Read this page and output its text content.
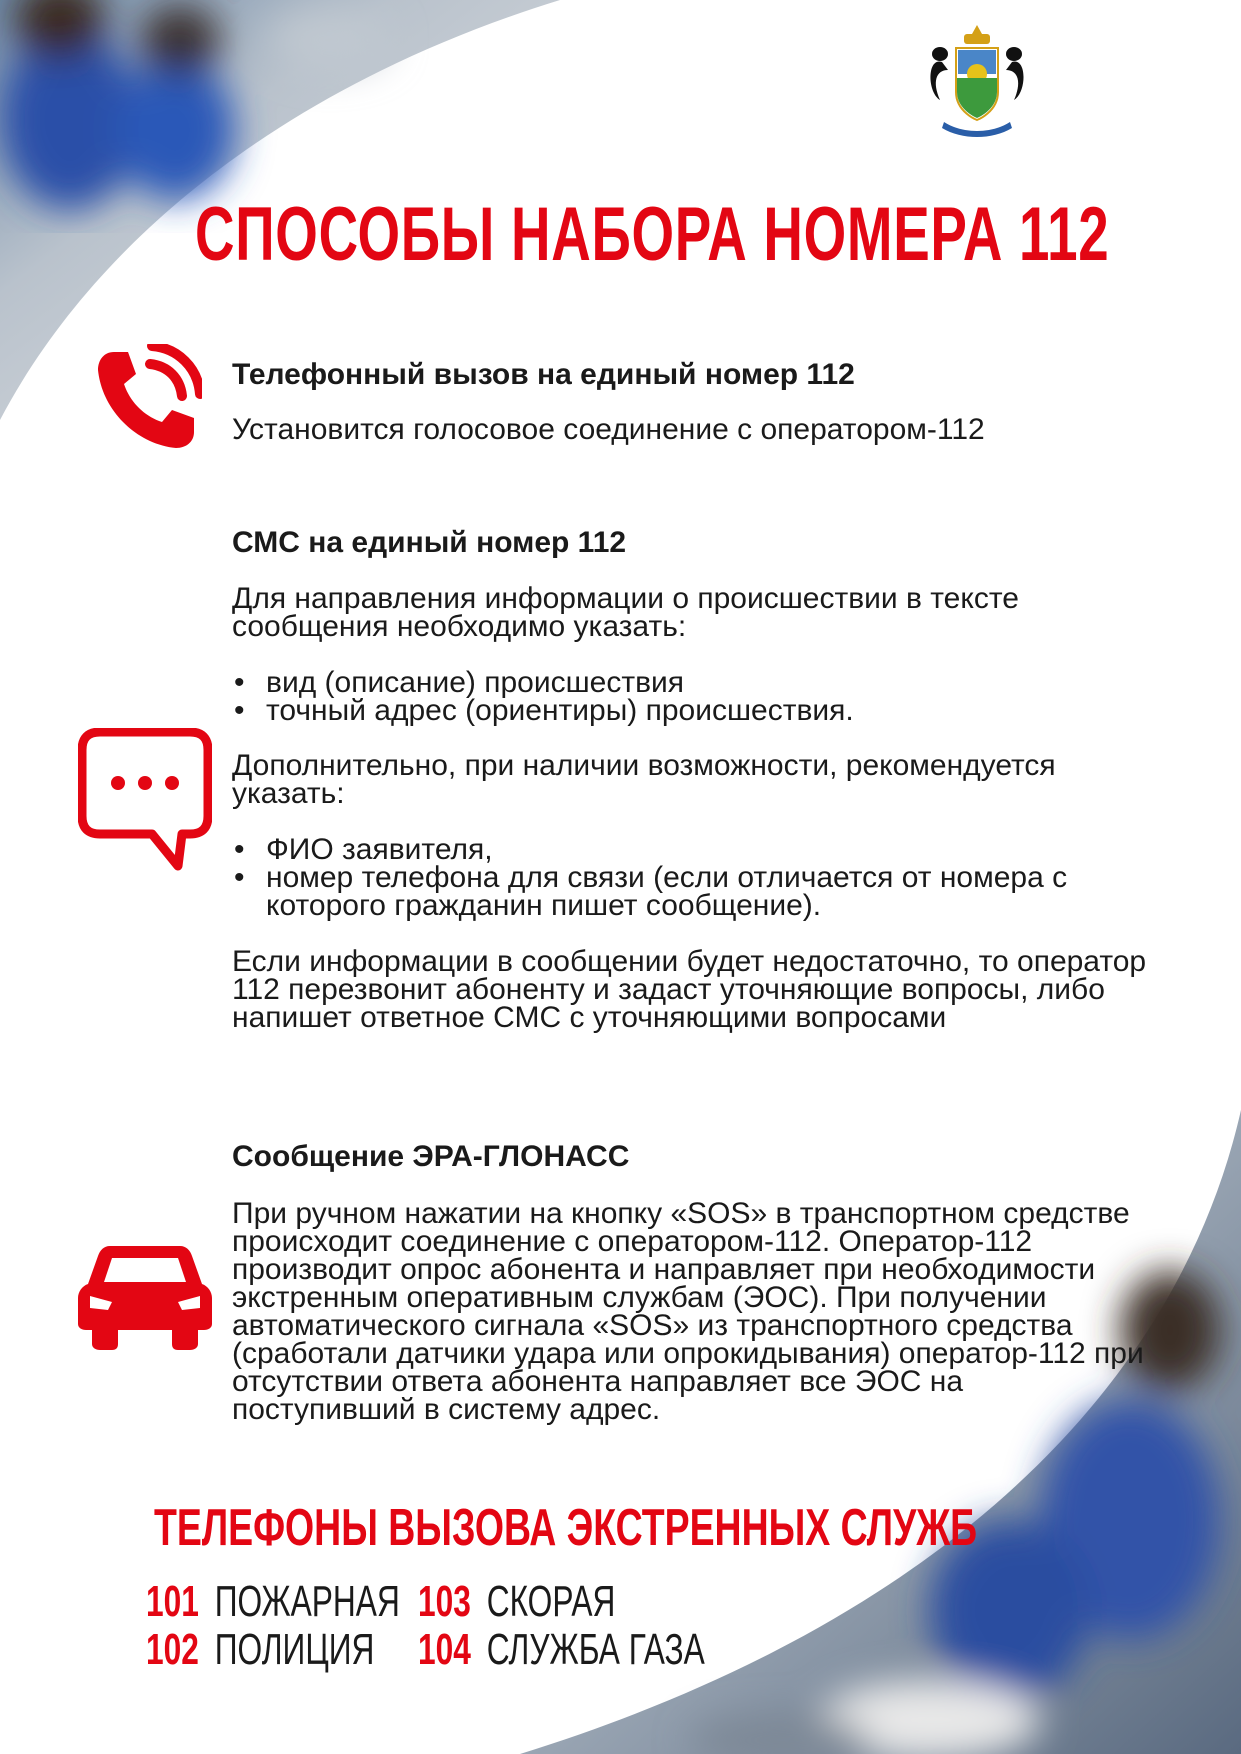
СПОСОБЫ НАБОРА НОМЕРА 112
Телефонный вызов на единый номер 112

Установится голосовое соединение с оператором-112

СМС на единый номер 112

Для направления информации о происшествии в тексте сообщения необходимо указать:

• вид (описание) происшествия
• точный адрес (ориентиры) происшествия.

Дополнительно, при наличии возможности, рекомендуется указать:

• ФИО заявителя,
• номер телефона для связи (если отличается от номера с которого гражданин пишет сообщение).

Если информации в сообщении будет недостаточно, то оператор 112 перезвонит абоненту и задаст уточняющие вопросы, либо напишет ответное СМС с уточняющими вопросами

Сообщение ЭРА-ГЛОНАСС

При ручном нажатии на кнопку «SOS» в транспортном средстве происходит соединение с оператором-112. Оператор-112 производит опрос абонента и направляет при необходимости экстренным оперативным службам (ЭОС). При получении автоматического сигнала «SOS» из транспортного средства (сработали датчики удара или опрокидывания) оператор-112 при отсутствии ответа абонента направляет все ЭОС на поступивший в систему адрес.

ТЕЛЕФОНЫ ВЫЗОВА ЭКСТРЕННЫХ СЛУЖБ
101 ПОЖАРНАЯ
102 ПОЛИЦИЯ
103 СКОРАЯ
104 СЛУЖБА ГАЗА
